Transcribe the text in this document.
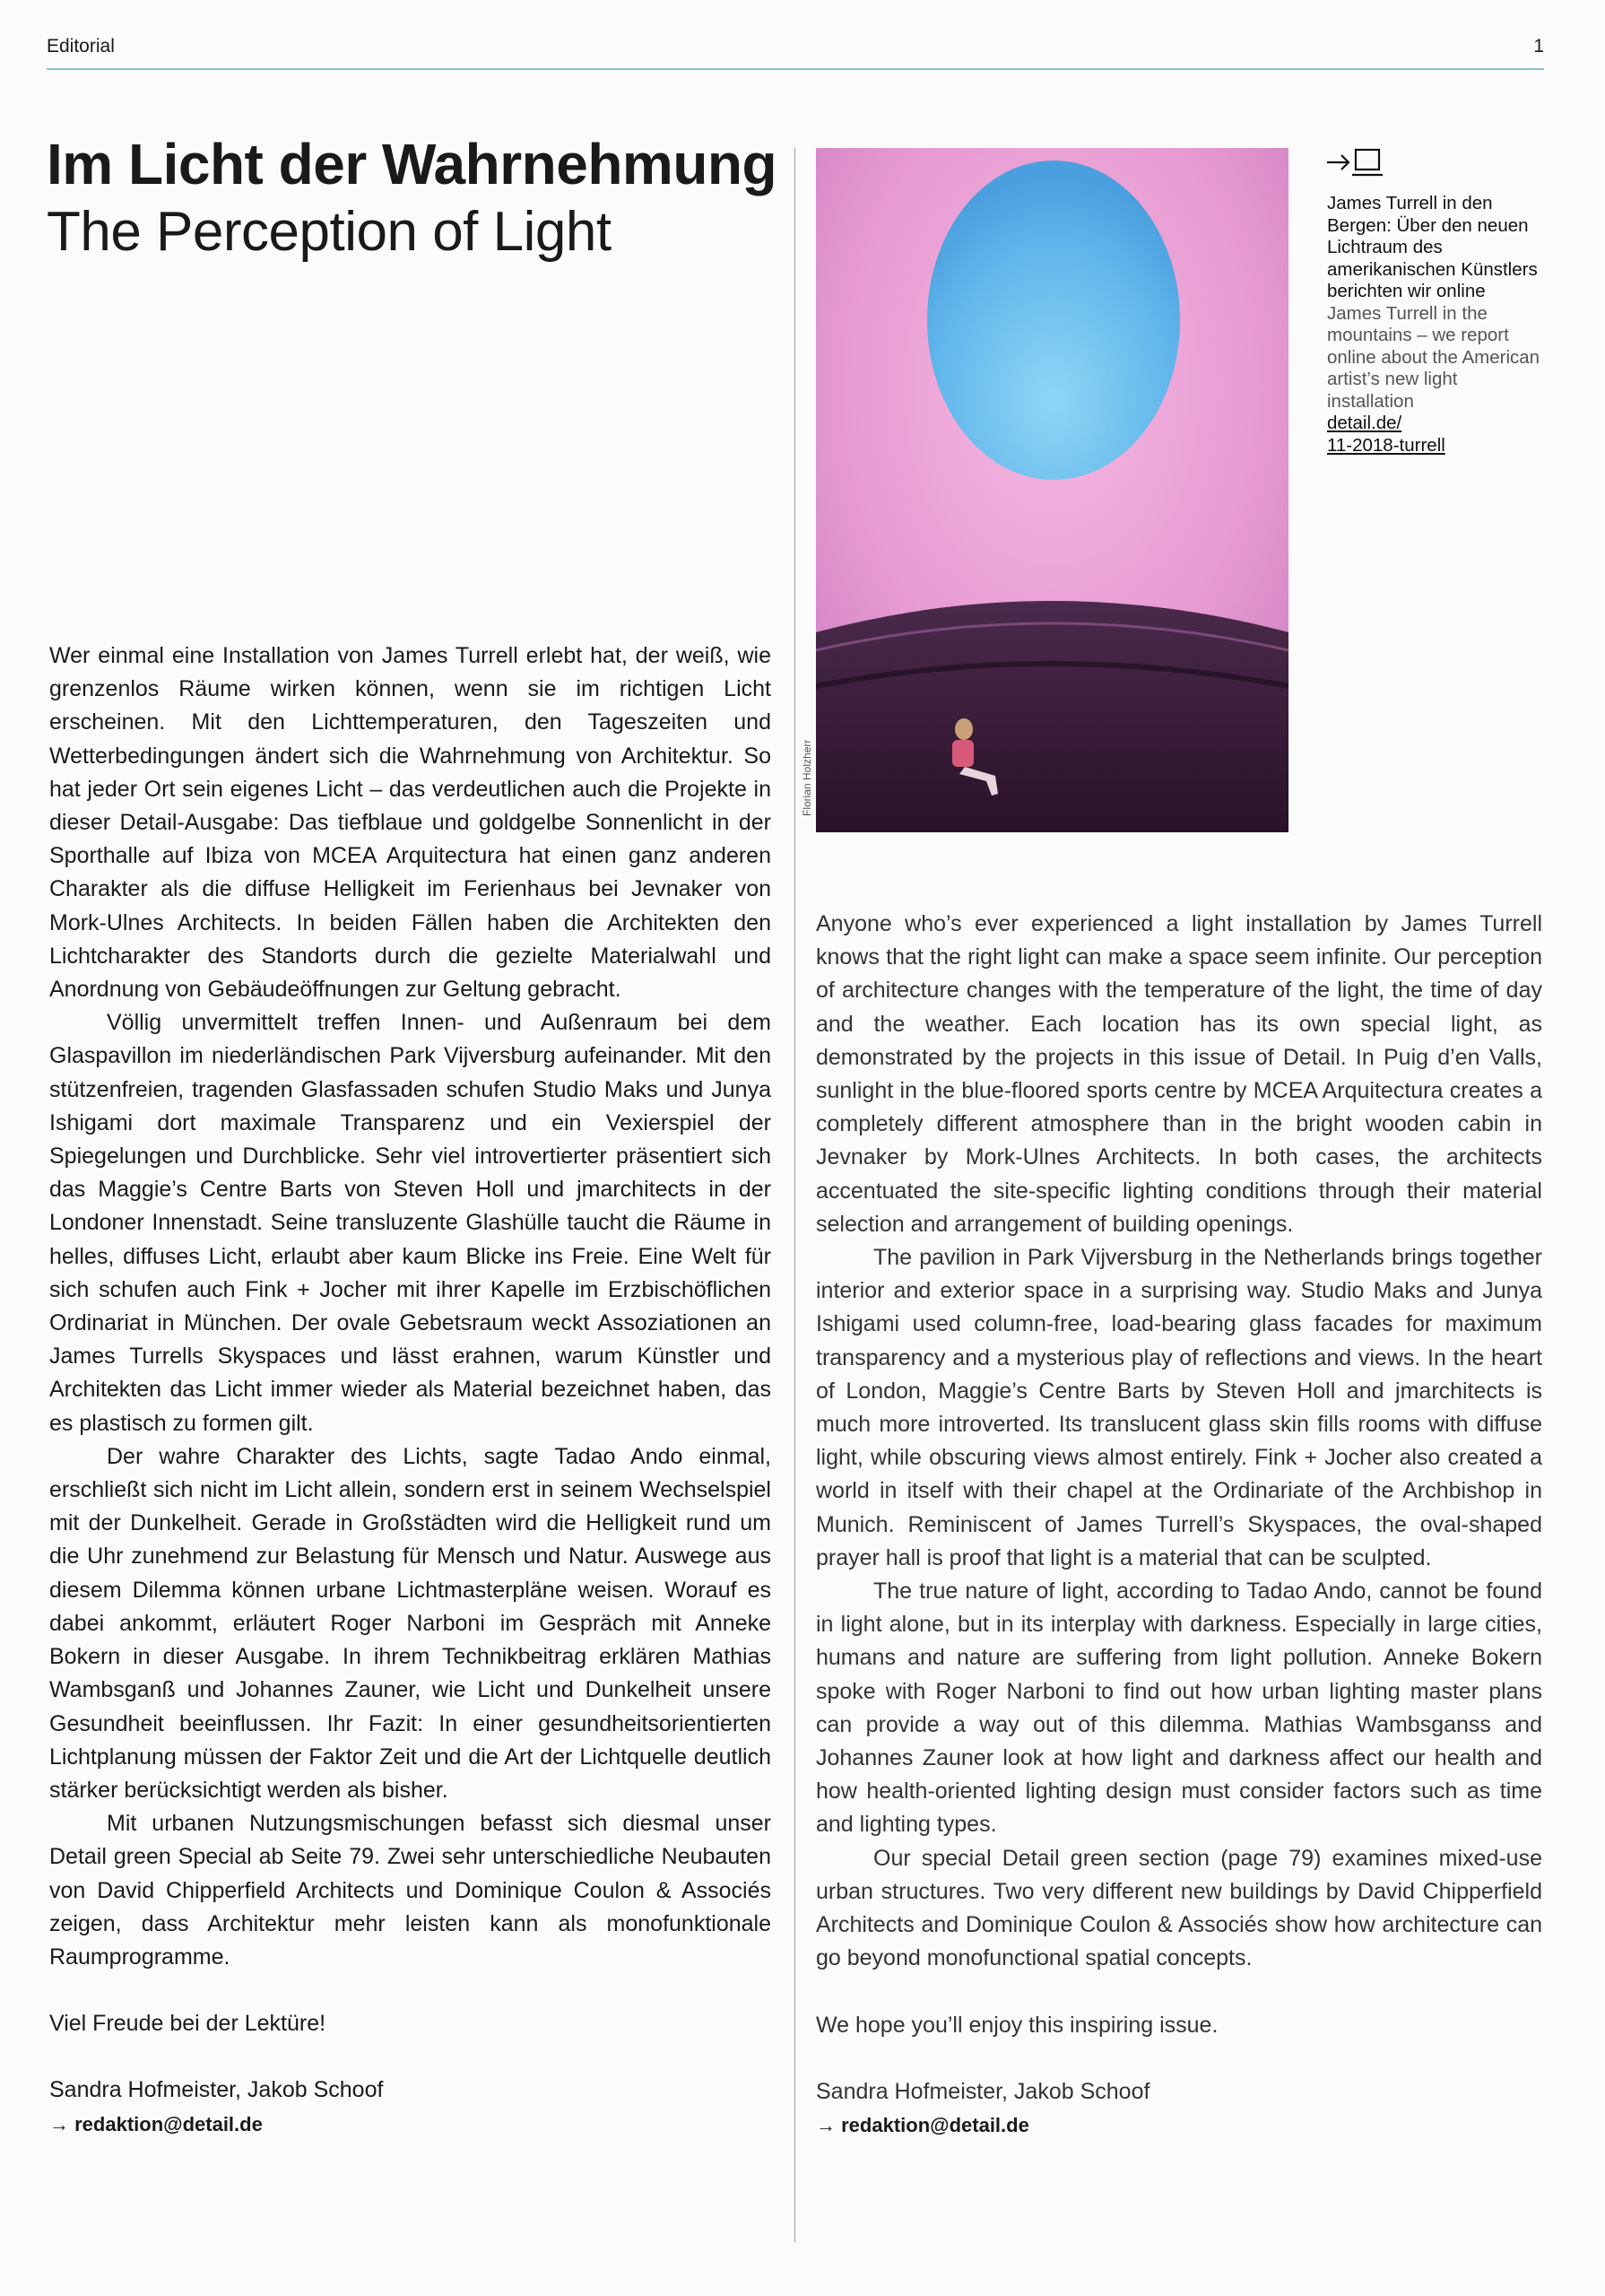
Editorial	1
Im Licht der Wahrnehmung
The Perception of Light
Florian Holzherr
James Turrell in den Bergen: Über den neuen Lichtraum des amerikanischen Künstlers berichten wir online
James Turrell in the mountains – we report online about the American artist’s new light installation
detail.de/
11-2018-turrell

Wer einmal eine Installation von James Turrell erlebt hat, der weiß, wie grenzenlos Räume wirken können, wenn sie im richtigen Licht erscheinen. Mit den Lichttemperaturen, den Tageszeiten und Wetterbedingungen ändert sich die Wahrnehmung von Architektur. So hat jeder Ort sein eigenes Licht – das verdeutlichen auch die Projekte in dieser Detail-Ausgabe: Das tiefblaue und goldgelbe Sonnenlicht in der Sporthalle auf Ibiza von MCEA Arquitectura hat einen ganz anderen Charakter als die diffuse Helligkeit im Ferienhaus bei Jevnaker von Mork-Ulnes Architects. In beiden Fällen haben die Architekten den Lichtcharakter des Standorts durch die gezielte Materialwahl und Anordnung von Gebäudeöffnungen zur Geltung gebracht.

Völlig unvermittelt treffen Innen- und Außenraum bei dem Glaspavillon im niederländischen Park Vijversburg aufeinander. Mit den stützenfreien, tragenden Glasfassaden schufen Studio Maks und Junya Ishigami dort maximale Transparenz und ein Vexierspiel der Spiegelungen und Durchblicke. Sehr viel introvertierter präsentiert sich das Maggie’s Centre Barts von Steven Holl und jmarchitects in der Londoner Innenstadt. Seine transluzente Glashülle taucht die Räume in helles, diffuses Licht, erlaubt aber kaum Blicke ins Freie. Eine Welt für sich schufen auch Fink + Jocher mit ihrer Kapelle im Erzbischöflichen Ordinariat in München. Der ovale Gebetsraum weckt Assoziationen an James Turrells Skyspaces und lässt erahnen, warum Künstler und Architekten das Licht immer wieder als Material bezeichnet haben, das es plastisch zu formen gilt.

Der wahre Charakter des Lichts, sagte Tadao Ando einmal, erschließt sich nicht im Licht allein, sondern erst in seinem Wechselspiel mit der Dunkelheit. Gerade in Großstädten wird die Helligkeit rund um die Uhr zunehmend zur Belastung für Mensch und Natur. Auswege aus diesem Dilemma können urbane Lichtmasterpläne weisen. Worauf es dabei ankommt, erläutert Roger Narboni im Gespräch mit Anneke Bokern in dieser Ausgabe. In ihrem Technikbeitrag erklären Mathias Wambsganß und Johannes Zauner, wie Licht und Dunkelheit unsere Gesundheit beeinflussen. Ihr Fazit: In einer gesundheitsorientierten Lichtplanung müssen der Faktor Zeit und die Art der Lichtquelle deutlich stärker berücksichtigt werden als bisher.

Mit urbanen Nutzungsmischungen befasst sich diesmal unser Detail green Special ab Seite 79. Zwei sehr unterschiedliche Neubauten von David Chipperfield Architects und Dominique Coulon & Associés zeigen, dass Architektur mehr leisten kann als monofunktionale Raumprogramme.

Viel Freude bei der Lektüre!

Sandra Hofmeister, Jakob Schoof

→ redaktion@detail.de

Anyone who’s ever experienced a light installation by James Turrell knows that the right light can make a space seem infinite. Our perception of architecture changes with the temperature of the light, the time of day and the weather. Each location has its own special light, as demonstrated by the projects in this issue of Detail. In Puig d’en Valls, sunlight in the blue-floored sports centre by MCEA Arquitectura creates a completely different atmosphere than in the bright wooden cabin in Jevnaker by Mork-Ulnes Architects. In both cases, the architects accentuated the site-specific lighting conditions through their material selection and arrangement of building openings.

The pavilion in Park Vijversburg in the Netherlands brings together interior and exterior space in a surprising way. Studio Maks and Junya Ishigami used column-free, load-bearing glass facades for maximum transparency and a mysterious play of reflections and views. In the heart of London, Maggie’s Centre Barts by Steven Holl and jmarchitects is much more introverted. Its translucent glass skin fills rooms with diffuse light, while obscuring views almost entirely. Fink + Jocher also created a world in itself with their chapel at the Ordinariate of the Archbishop in Munich. Reminiscent of James Turrell’s Skyspaces, the oval-shaped prayer hall is proof that light is a material that can be sculpted.

The true nature of light, according to Tadao Ando, cannot be found in light alone, but in its interplay with darkness. Especially in large cities, humans and nature are suffering from light pollution. Anneke Bokern spoke with Roger Narboni to find out how urban lighting master plans can provide a way out of this dilemma. Mathias Wambsganss and Johannes Zauner look at how light and darkness affect our health and how health-oriented lighting design must consider factors such as time and lighting types.

Our special Detail green section (page 79) examines mixed-use urban structures. Two very different new buildings by David Chipperfield Architects and Dominique Coulon & Associés show how architecture can go beyond monofunctional spatial concepts.

We hope you’ll enjoy this inspiring issue.

Sandra Hofmeister, Jakob Schoof

→ redaktion@detail.de
